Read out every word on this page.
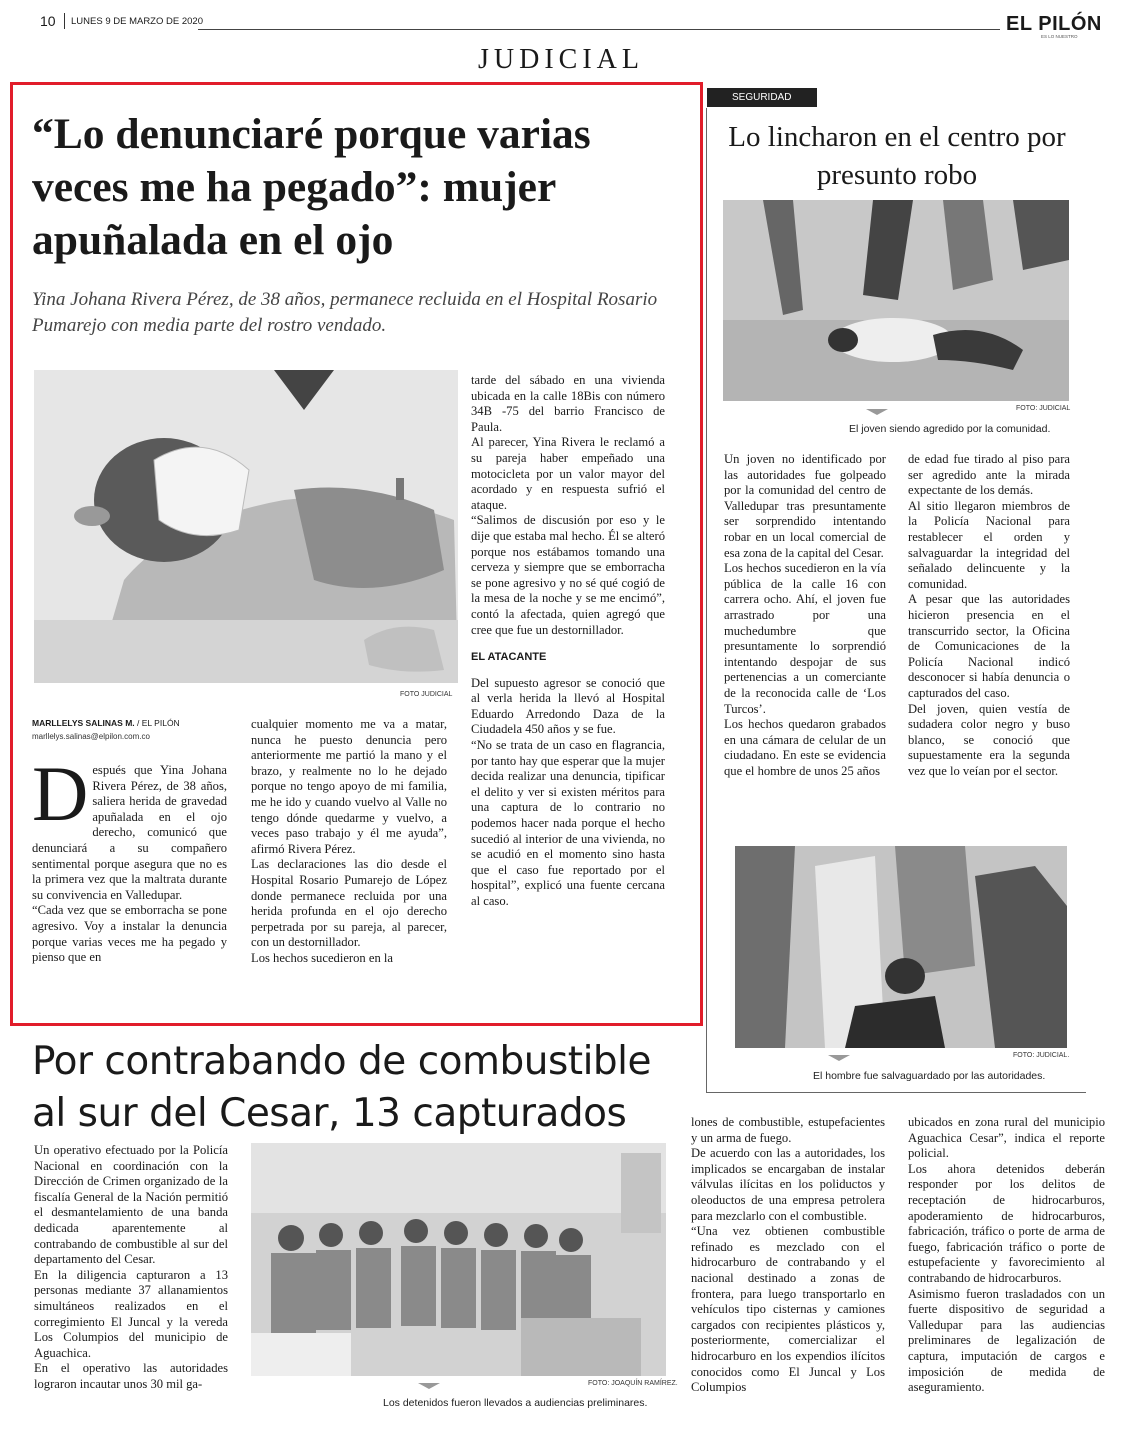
10 LUNES 9 DE MARZO DE 2020	EL PILÓN
ES LO NUESTRO
JUDICIAL
“Lo denunciaré porque varias veces me ha pegado”: mujer apuñalada en el ojo
Yina Johana Rivera Pérez, de 38 años, permanece recluida en el Hospital Rosario Pumarejo con media parte del rostro vendado.
FOTO JUDICIAL
MARLLELYS SALINAS M. / EL PILÓN
marllelys.salinas@elpilon.com.co
D espués que Yina Johana Rivera Pérez, de 38 años, saliera herida de gravedad apuñalada en el ojo derecho, comunicó que denunciará a su compañero sentimental porque asegura que no es la primera vez que la maltrata durante su convivencia en Valledupar.

“Cada vez que se emborracha se pone agresivo. Voy a instalar la denuncia porque varias veces me ha pegado y pienso que en

cualquier momento me va a matar, nunca he puesto denuncia pero anteriormente me partió la mano y el brazo, y realmente no lo he dejado porque no tengo apoyo de mi familia, me he ido y cuando vuelvo al Valle no tengo dónde quedarme y vuelvo, a veces paso trabajo y él me ayuda”, afirmó Rivera Pérez.

Las declaraciones las dio desde el Hospital Rosario Pumarejo de López donde permanece recluida por una herida profunda en el ojo derecho perpetrada por su pareja, al parecer, con un destornillador.

Los hechos sucedieron en la

tarde del sábado en una vivienda ubicada en la calle 18Bis con número 34B -75 del barrio Francisco de Paula.

Al parecer, Yina Rivera le reclamó a su pareja haber empeñado una motocicleta por un valor mayor del acordado y en respuesta sufrió el ataque.

“Salimos de discusión por eso y le dije que estaba mal hecho. Él se alteró porque nos estábamos tomando una cerveza y siempre que se emborracha se pone agresivo y no sé qué cogió de la mesa de la noche y se me encimó”, contó la afectada, quien agregó que cree que fue un destornillador.

EL ATACANTE

Del supuesto agresor se conoció que al verla herida la llevó al Hospital Eduardo Arredondo Daza de la Ciudadela 450 años y se fue.

“No se trata de un caso en flagrancia, por tanto hay que esperar que la mujer decida realizar una denuncia, tipificar el delito y ver si existen méritos para una captura de lo contrario no podemos hacer nada porque el hecho sucedió al interior de una vivienda, no se acudió en el momento sino hasta que el caso fue reportado por el hospital”, explicó una fuente cercana al caso.

SEGURIDAD
Lo lincharon en el centro por presunto robo
FOTO: JUDICIAL
El joven siendo agredido por la comunidad.

Un joven no identificado por las autoridades fue golpeado por la comunidad del centro de Valledupar tras presuntamente ser sorprendido intentando robar en un local comercial de esa zona de la capital del Cesar.

Los hechos sucedieron en la vía pública de la calle 16 con carrera ocho. Ahí, el joven fue arrastrado por una muchedumbre que presuntamente lo sorprendió intentando despojar de sus pertenencias a un comerciante de la reconocida calle de ‘Los Turcos’.

Los hechos quedaron grabados en una cámara de celular de un ciudadano. En este se evidencia que el hombre de unos 25 años

de edad fue tirado al piso para ser agredido ante la mirada expectante de los demás.

Al sitio llegaron miembros de la Policía Nacional para restablecer el orden y salvaguardar la integridad del señalado delincuente y la comunidad.

A pesar que las autoridades hicieron presencia en el transcurrido sector, la Oficina de Comunicaciones de la Policía Nacional indicó desconocer si había denuncia o capturados del caso.

Del joven, quien vestía de sudadera color negro y buso blanco, se conoció que supuestamente era la segunda vez que lo veían por el sector.

FOTO: JUDICIAL.
El hombre fue salvaguardado por las autoridades.
Por contrabando de combustible al sur del Cesar, 13 capturados

Un operativo efectuado por la Policía Nacional en coordinación con la Dirección de Crimen organizado de la fiscalía General de la Nación permitió el desmantelamiento de una banda dedicada aparentemente al contrabando de combustible al sur del departamento del Cesar.

En la diligencia capturaron a 13 personas mediante 37 allanamientos simultáneos realizados en el corregimiento El Juncal y la vereda Los Columpios del municipio de Aguachica.

En el operativo las autoridades lograron incautar unos 30 mil ga-	FOTO: JOAQUÍN RAMÍREZ.
Los detenidos fueron llevados a audiencias preliminares.

lones de combustible, estupefacientes y un arma de fuego.

De acuerdo con las a autoridades, los implicados se encargaban de instalar válvulas ilícitas en los poliductos y oleoductos de una empresa petrolera para mezclarlo con el combustible.

“Una vez obtienen combustible refinado es mezclado con el hidrocarburo de contrabando y el nacional destinado a zonas de frontera, para luego transportarlo en vehículos tipo cisternas y camiones cargados con recipientes plásticos y, posteriormente, comercializar el hidrocarburo en los expendios ilícitos conocidos como El Juncal y Los Columpios

ubicados en zona rural del municipio Aguachica Cesar”, indica el reporte policial.

Los ahora detenidos deberán responder por los delitos de receptación de hidrocarburos, apoderamiento de hidrocarburos, fabricación, tráfico o porte de arma de fuego, fabricación tráfico o porte de estupefaciente y favorecimiento al contrabando de hidrocarburos.

Asimismo fueron trasladados con un fuerte dispositivo de seguridad a Valledupar para las audiencias preliminares de legalización de captura, imputación de cargos e imposición de medida de aseguramiento.
